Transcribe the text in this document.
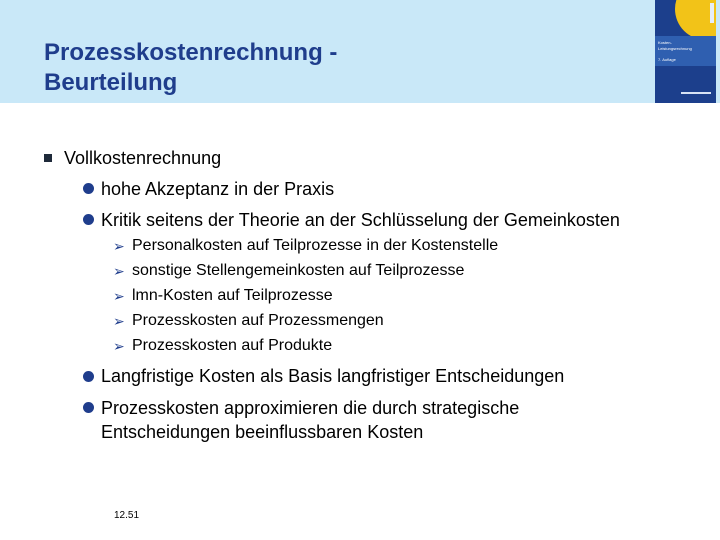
Prozesskostenrechnung -
Beurteilung
Kosten-
Leistungsrechnung
7. Auflage
Vollkostenrechnung
hohe Akzeptanz in der Praxis
Kritik seitens der Theorie an der Schlüsselung der Gemeinkosten
➢ Personalkosten auf Teilprozesse in der Kostenstelle
➢ sonstige Stellengemeinkosten auf Teilprozesse
➢ lmn-Kosten auf Teilprozesse
➢ Prozesskosten auf Prozessmengen
➢ Prozesskosten auf Produkte
Langfristige Kosten als Basis langfristiger Entscheidungen
Prozesskosten approximieren die durch strategische
Entscheidungen beeinflussbaren Kosten
12.51
